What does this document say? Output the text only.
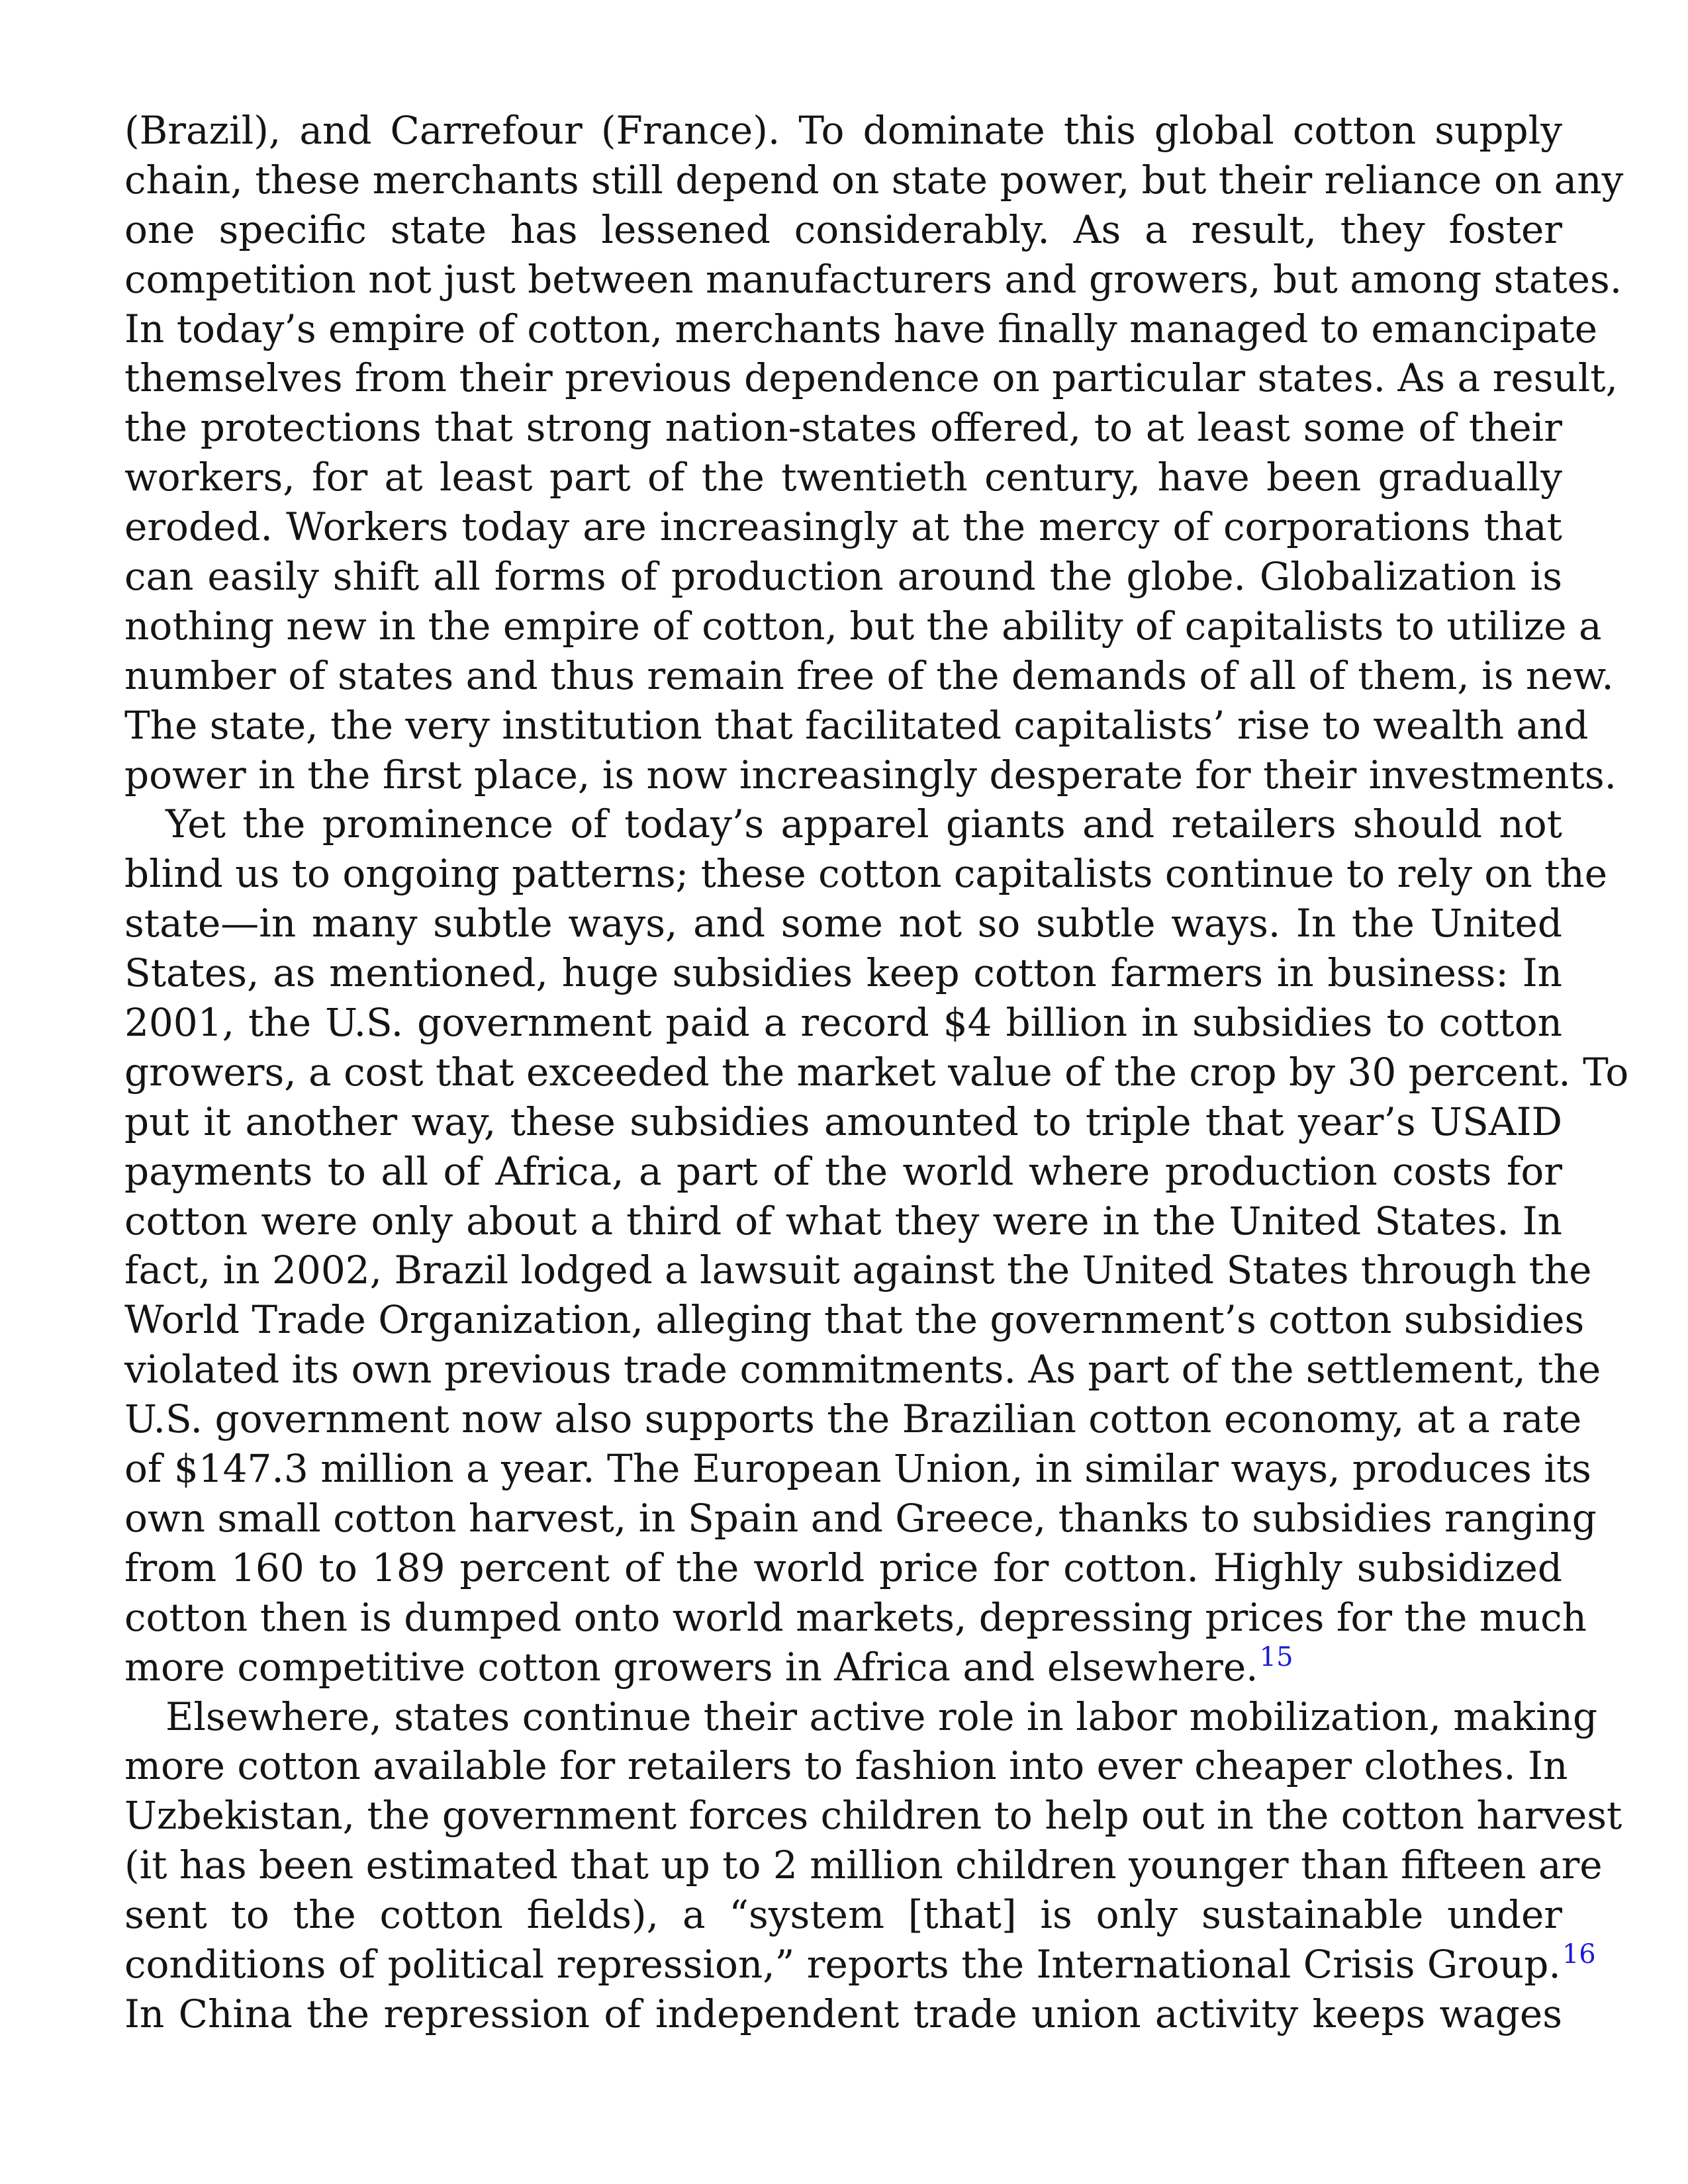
(Brazil), and Carrefour (France). To dominate this global cotton supply
chain, these merchants still depend on state power, but their reliance on any
one specific state has lessened considerably. As a result, they foster
competition not just between manufacturers and growers, but among states.
In today’s empire of cotton, merchants have finally managed to emancipate
themselves from their previous dependence on particular states. As a result,
the protections that strong nation-states offered, to at least some of their
workers, for at least part of the twentieth century, have been gradually
eroded. Workers today are increasingly at the mercy of corporations that
can easily shift all forms of production around the globe. Globalization is
nothing new in the empire of cotton, but the ability of capitalists to utilize a
number of states and thus remain free of the demands of all of them, is new.
The state, the very institution that facilitated capitalists’ rise to wealth and
power in the first place, is now increasingly desperate for their investments.
Yet the prominence of today’s apparel giants and retailers should not
blind us to ongoing patterns; these cotton capitalists continue to rely on the
state—in many subtle ways, and some not so subtle ways. In the United
States, as mentioned, huge subsidies keep cotton farmers in business: In
2001, the U.S. government paid a record $4 billion in subsidies to cotton
growers, a cost that exceeded the market value of the crop by 30 percent. To
put it another way, these subsidies amounted to triple that year’s USAID
payments to all of Africa, a part of the world where production costs for
cotton were only about a third of what they were in the United States. In
fact, in 2002, Brazil lodged a lawsuit against the United States through the
World Trade Organization, alleging that the government’s cotton subsidies
violated its own previous trade commitments. As part of the settlement, the
U.S. government now also supports the Brazilian cotton economy, at a rate
of $147.3 million a year. The European Union, in similar ways, produces its
own small cotton harvest, in Spain and Greece, thanks to subsidies ranging
from 160 to 189 percent of the world price for cotton. Highly subsidized
cotton then is dumped onto world markets, depressing prices for the much
more competitive cotton growers in Africa and elsewhere.$^{15}$
Elsewhere, states continue their active role in labor mobilization, making
more cotton available for retailers to fashion into ever cheaper clothes. In
Uzbekistan, the government forces children to help out in the cotton harvest
(it has been estimated that up to 2 million children younger than fifteen are
sent to the cotton fields), a “system [that] is only sustainable under
conditions of political repression,” reports the International Crisis Group.$^{16}$
In China the repression of independent trade union activity keeps wages
